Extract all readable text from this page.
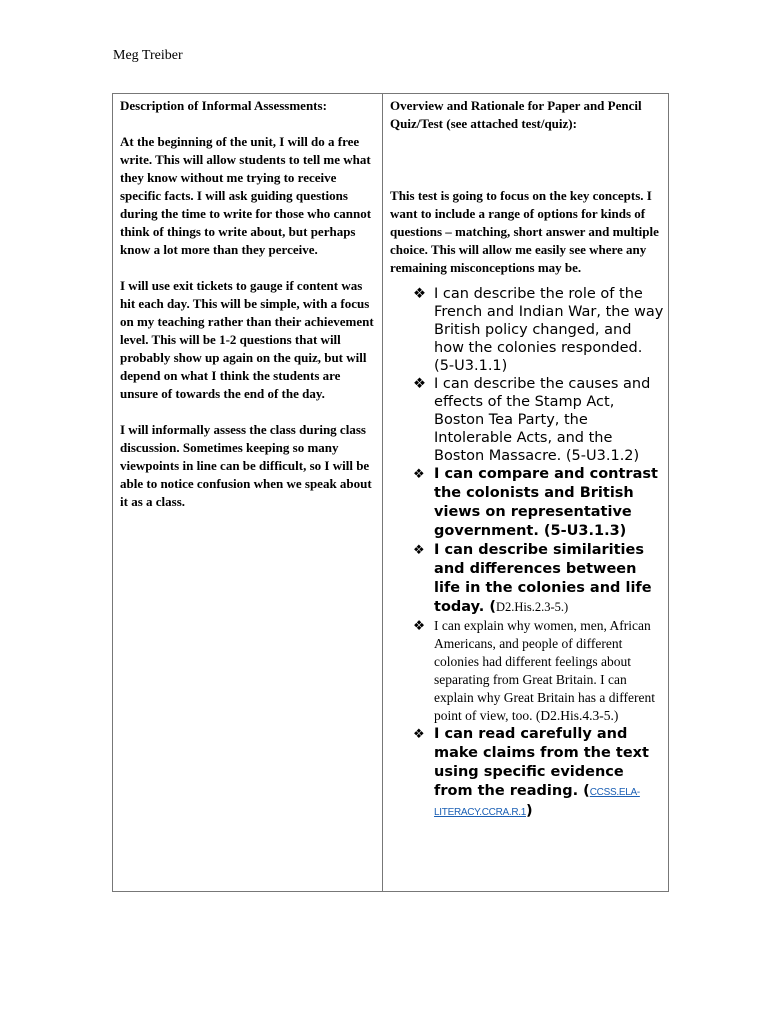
Meg Treiber

Description of Informal Assessments:

At the beginning of the unit, I will do a free write. This will allow students to tell me what they know without me trying to receive specific facts. I will ask guiding questions during the time to write for those who cannot think of things to write about, but perhaps know a lot more than they perceive.

I will use exit tickets to gauge if content was hit each day. This will be simple, with a focus on my teaching rather than their achievement level. This will be 1-2 questions that will probably show up again on the quiz, but will depend on what I think the students are unsure of towards the end of the day.

I will informally assess the class during class discussion. Sometimes keeping so many viewpoints in line can be difficult, so I will be able to notice confusion when we speak about it as a class.

Overview and Rationale for Paper and Pencil Quiz/Test (see attached test/quiz):

This test is going to focus on the key concepts. I want to include a range of options for kinds of questions – matching, short answer and multiple choice. This will allow me easily see where any remaining misconceptions may be.

❖ I can describe the role of the French and Indian War, the way British policy changed, and how the colonies responded. (5-U3.1.1)
❖ I can describe the causes and effects of the Stamp Act, Boston Tea Party, the Intolerable Acts, and the Boston Massacre. (5-U3.1.2)
❖ I can compare and contrast the colonists and British views on representative government. (5-U3.1.3)
❖ I can describe similarities and differences between life in the colonies and life today. (D2.His.2.3-5.)
❖ I can explain why women, men, African Americans, and people of different colonies had different feelings about separating from Great Britain. I can explain why Great Britain has a different point of view, too. (D2.His.4.3-5.)
❖ I can read carefully and make claims from the text using specific evidence from the reading. (CCSS.ELA-LITERACY.CCRA.R.1)
